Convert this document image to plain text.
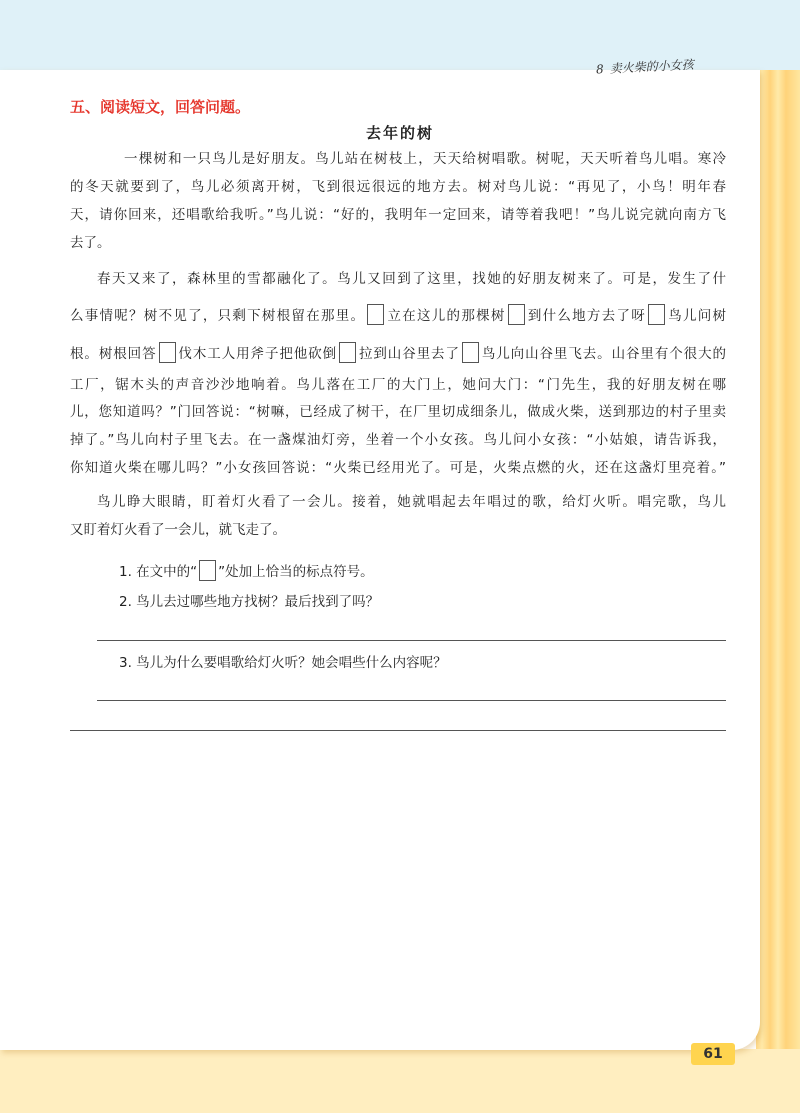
8 卖火柴的小女孩
五、阅读短文，回答问题。
去年的树
一棵树和一只鸟儿是好朋友。鸟儿站在树枝上，天天给树唱歌。树呢，天天听着鸟儿唱。寒冷
的冬天就要到了，鸟儿必须离开树，飞到很远很远的地方去。树对鸟儿说：“再见了，小鸟！明年春
天，请你回来，还唱歌给我听。”鸟儿说：“好的，我明年一定回来，请等着我吧！”鸟儿说完就向南方飞
去了。
春天又来了，森林里的雪都融化了。鸟儿又回到了这里，找她的好朋友树来了。可是，发生了什
么事情呢？树不见了，只剩下树根留在那里。 立在这儿的那棵树 到什么地方去了呀 鸟儿问树
根。树根回答 伐木工人用斧子把他砍倒 拉到山谷里去了 鸟儿向山谷里飞去。山谷里有个很大的
工厂，锯木头的声音沙沙地响着。鸟儿落在工厂的大门上，她问大门：“门先生，我的好朋友树在哪
儿，您知道吗？”门回答说：“树嘛，已经成了树干，在厂里切成细条儿，做成火柴，送到那边的村子里卖
掉了。”鸟儿向村子里飞去。在一盏煤油灯旁，坐着一个小女孩。鸟儿问小女孩：“小姑娘，请告诉我，
你知道火柴在哪儿吗？”小女孩回答说：“火柴已经用光了。可是，火柴点燃的火，还在这盏灯里亮着。”
鸟儿睁大眼睛，盯着灯火看了一会儿。接着，她就唱起去年唱过的歌，给灯火听。唱完歌，鸟儿
又盯着灯火看了一会儿，就飞走了。
1. 在文中的“ ”处加上恰当的标点符号。
2. 鸟儿去过哪些地方找树？最后找到了吗？
3. 鸟儿为什么要唱歌给灯火听？她会唱些什么内容呢？
61
